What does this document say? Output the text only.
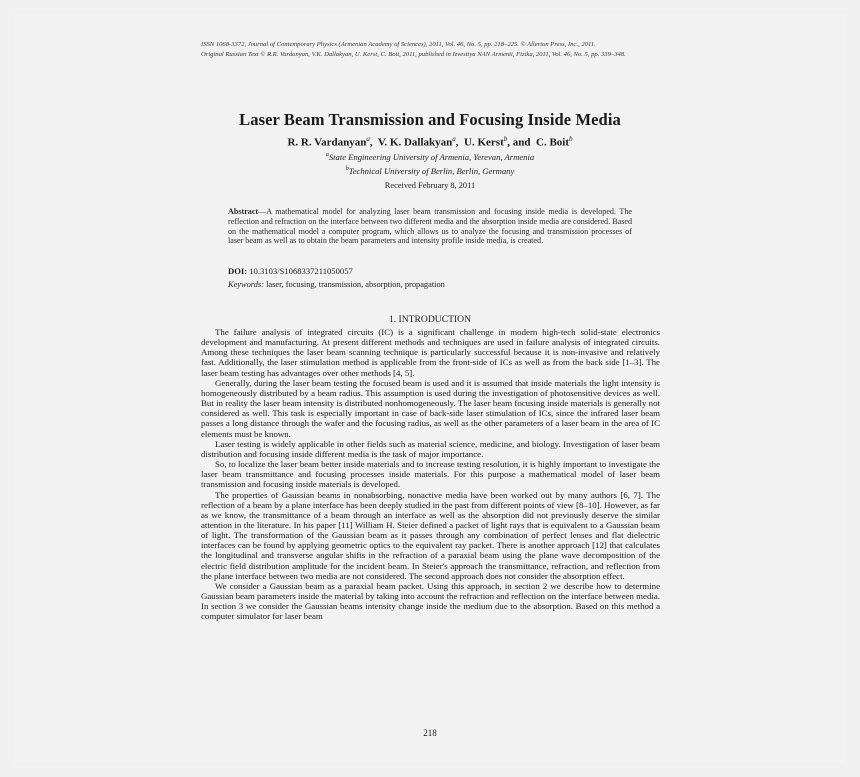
ISSN 1068-3372, Journal of Contemporary Physics (Armenian Academy of Sciences), 2011, Vol. 46, No. 5, pp. 218–225. © Allerton Press, Inc., 2011.
Original Russian Text © R.R. Vardanyan, V.K. Dallakyan, U. Kerst, C. Boit, 2011, published in Izvestiya NAN Armenii, Fizika, 2011, Vol. 46, No. 5, pp. 339–348.
Laser Beam Transmission and Focusing Inside Media
R. R. Vardanyan$^a$,  V. K. Dallakyan$^a$,  U. Kerst$^b$, and  C. Boit$^b$
$^a$State Engineering University of Armenia, Yerevan, Armenia
$^b$Technical University of Berlin, Berlin, Germany
Received February 8, 2011
Abstract—A mathematical model for analyzing laser beam transmission and focusing inside media is developed. The reflection and refraction on the interface between two different media and the absorption inside media are considered. Based on the mathematical model a computer program, which allows us to analyze the focusing and transmission processes of laser beam as well as to obtain the beam parameters and intensity profile inside media, is created.
DOI: 10.3103/S1068337211050057
Keywords: laser, focusing, transmission, absorption, propagation
1. INTRODUCTION

The failure analysis of integrated circuits (IC) is a significant challenge in modern high-tech solid-state electronics development and manufacturing. At present different methods and techniques are used in failure analysis of integrated circuits. Among these techniques the laser beam scanning technique is particularly successful because it is non-invasive and relatively fast. Additionally, the laser stimulation method is applicable from the front-side of ICs as well as from the back side [1–3]. The laser beam testing has advantages over other methods [4, 5].

Generally, during the laser beam testing the focused beam is used and it is assumed that inside materials the light intensity is homogeneously distributed by a beam radius. This assumption is used during the investigation of photosensitive devices as well. But in reality the laser beam intensity is distributed nonhomogeneously. The laser beam focusing inside materials is generally not considered as well. This task is especially important in case of back-side laser stimulation of ICs, since the infrared laser beam passes a long distance through the wafer and the focusing radius, as well as the other parameters of a laser beam in the area of IC elements must be known.

Laser testing is widely applicable in other fields such as material science, medicine, and biology. Investigation of laser beam distribution and focusing inside different media is the task of major importance.

So, to localize the laser beam better inside materials and to increase testing resolution, it is highly important to investigate the laser beam transmittance and focusing processes inside materials. For this purpose a mathematical model of laser beam transmission and focusing inside materials is developed.

The properties of Gaussian beams in nonabsorbing, nonactive media have been worked out by many authors [6, 7]. The reflection of a beam by a plane interface has been deeply studied in the past from different points of view [8–10]. However, as far as we know, the transmittance of a beam through an interface as well as the absorption did not previously deserve the similar attention in the literature. In his paper [11] William H. Steier defined a packet of light rays that is equivalent to a Gaussian beam of light. The transformation of the Gaussian beam as it passes through any combination of perfect lenses and flat dielectric interfaces can be found by applying geometric optics to the equivalent ray packet. There is another approach [12] that calculates the longitudinal and transverse angular shifts in the refraction of a paraxial beam using the plane wave decomposition of the electric field distribution amplitude for the incident beam. In Steier's approach the transmittance, refraction, and reflection from the plane interface between two media are not considered. The second approach does not consider the absorption effect.

We consider a Gaussian beam as a paraxial beam packet. Using this approach, in section 2 we describe how to determine Gaussian beam parameters inside the material by taking into account the refraction and reflection on the interface between media. In section 3 we consider the Gaussian beams intensity change inside the medium due to the absorption. Based on this method a computer simulator for laser beam

218
